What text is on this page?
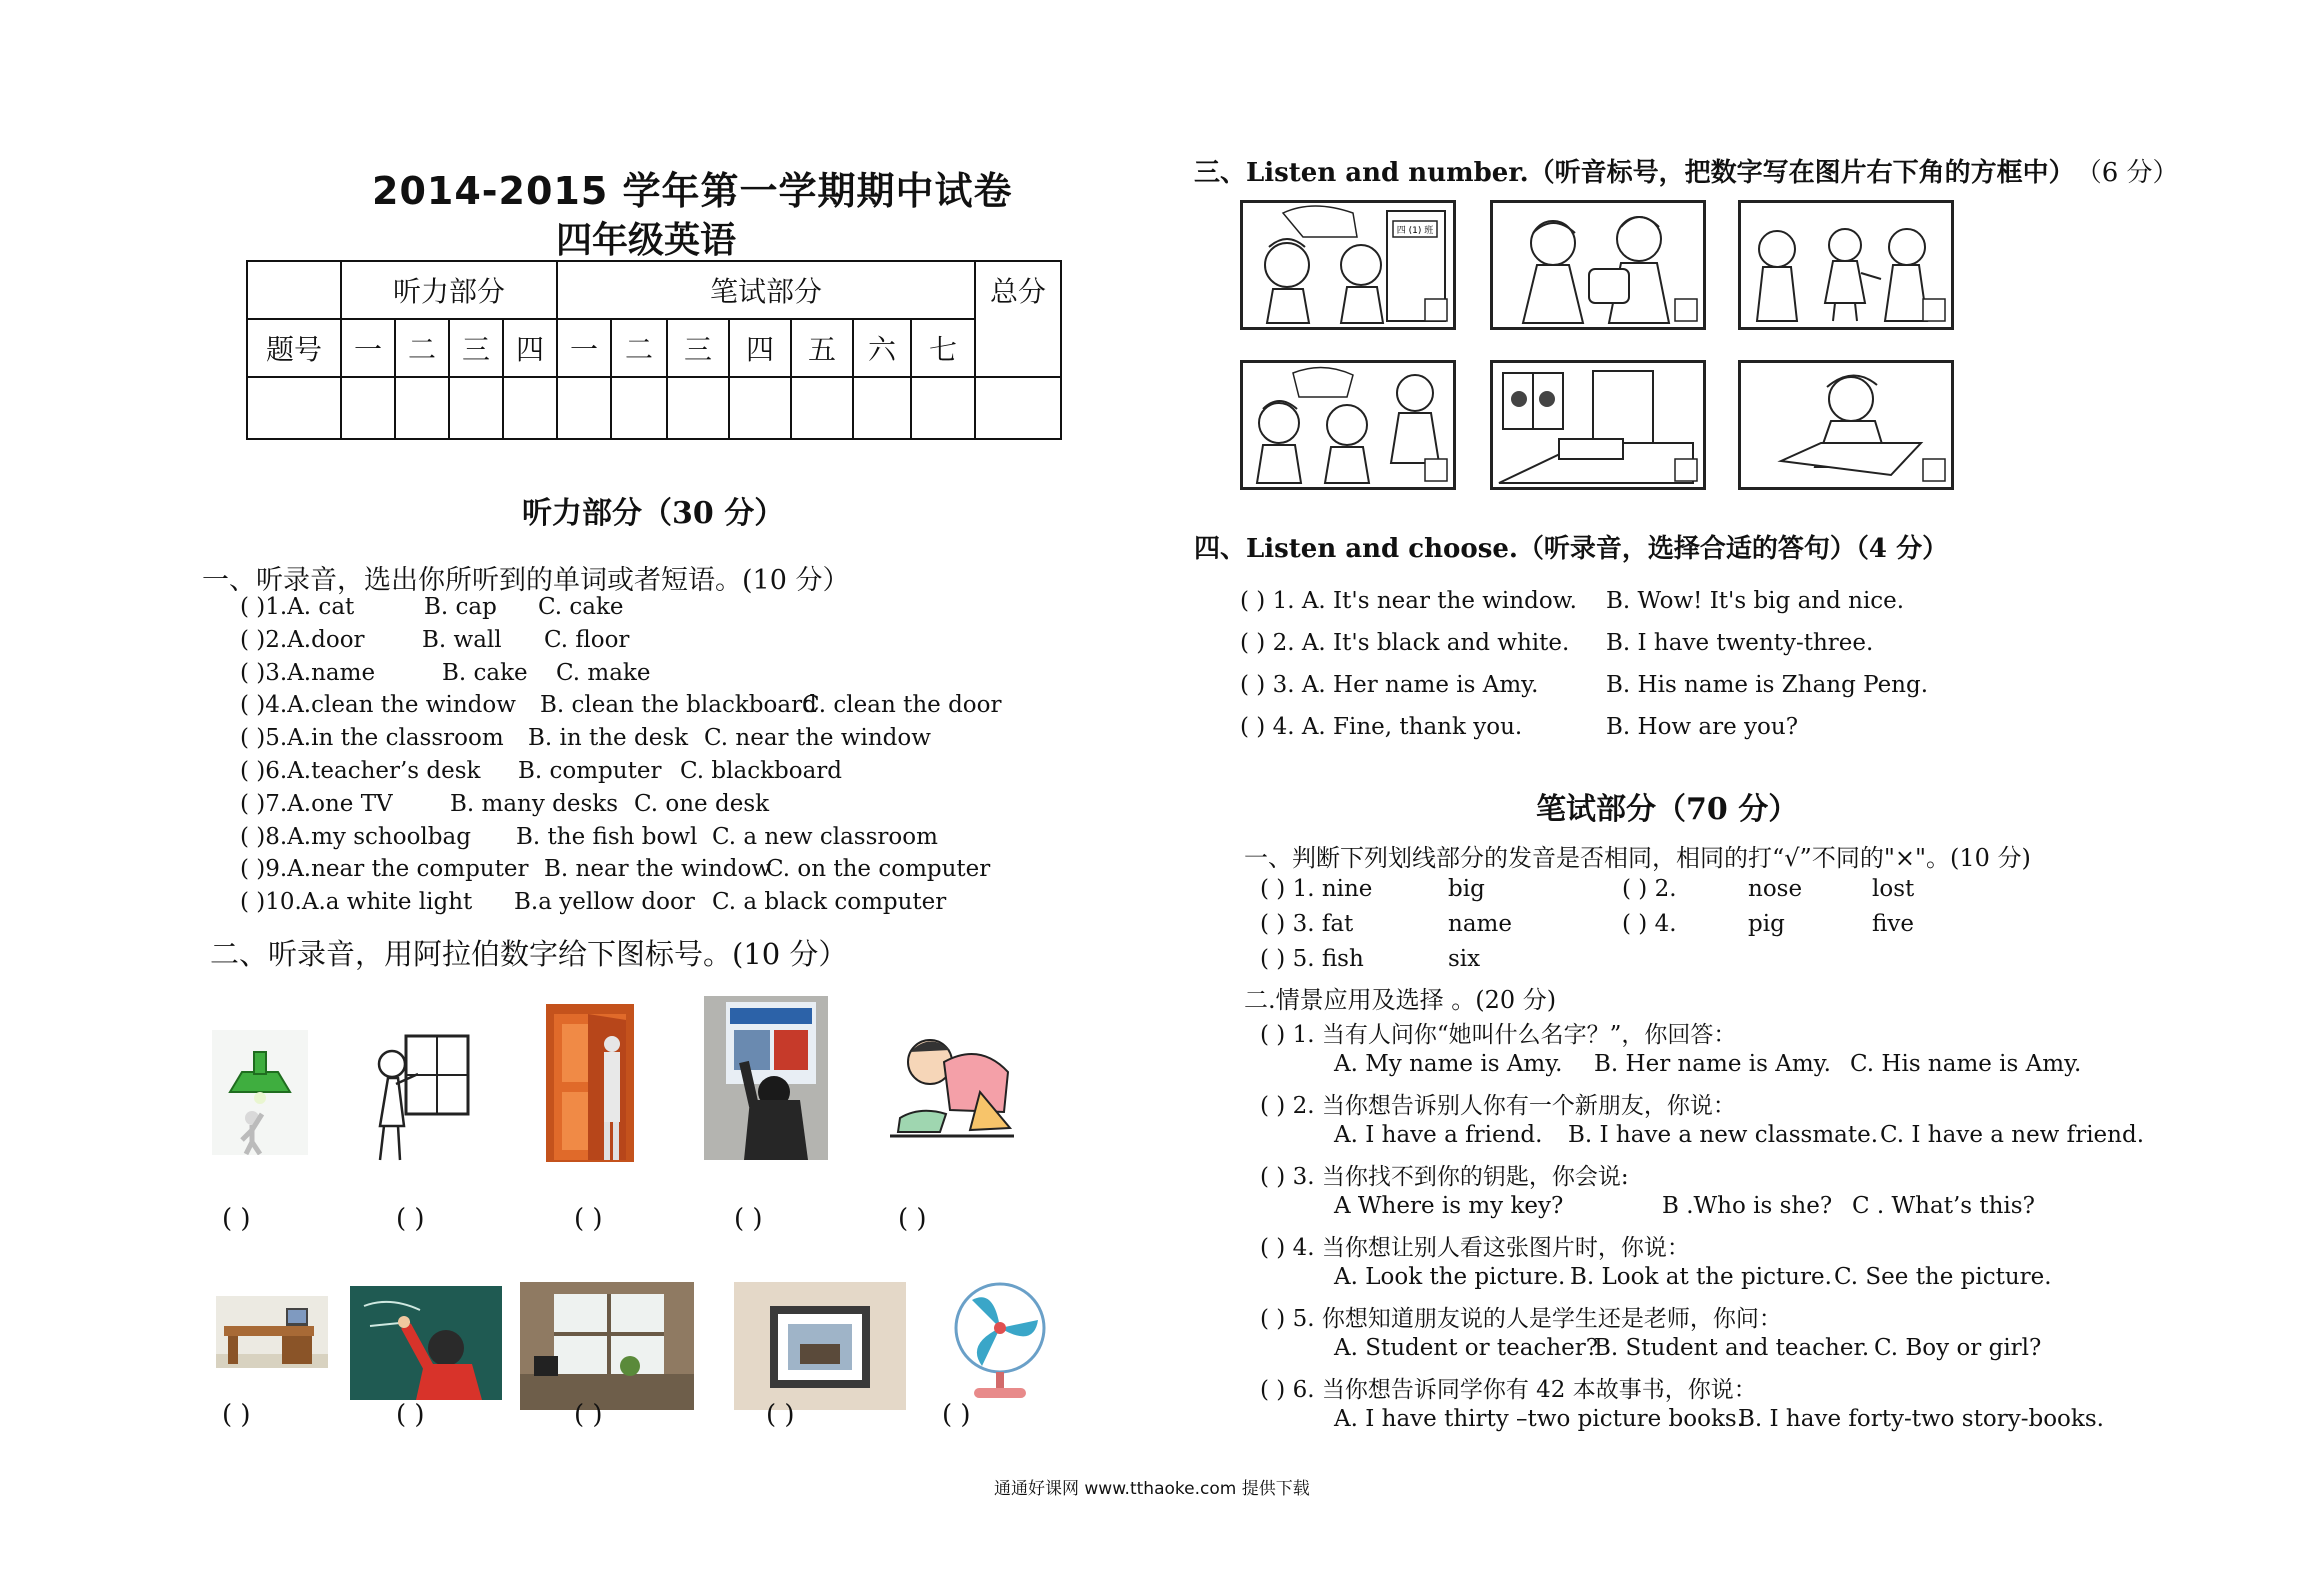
2014-2015 学年第一学期期中试卷
四年级英语
	听力部分				笔试部分							总分
题号	一	二	三	四	一	二	三	四	五	六	七	

听力部分（30 分）
一、听录音，选出你所听到的单词或者短语。(10 分）
( )1.A. cat	B. cap C. cake
( )2.A.door B. wall C. floor
( )3.A.name	B. cake C. make
( )4.A.clean the window B. clean the blackboard
C. clean the door
( )5.A.in the classroom B. in the desk C. near the window
( )6.A.teacher’s desk B. computer C. blackboard
( )7.A.one TV B. many desks C. one desk
( )8.A.my schoolbag B. the fish bowl C. a new classroom
( )9.A.near the computer B. near the window
C. on the computer
( )10.A.a white light B.a yellow door C. a black computer
二、听录音，用阿拉伯数字给下图标号。(10 分）
( )	( )	( )	( )	( )
( )	( )	( )	( )	( )
三、Listen and number.（听音标号，把数字写在图片右下角的方框中） （6 分）
四 (1) 班
四、Listen and choose.（听录音，选择合适的答句）（4 分）
( ) 1. A. It's near the window. B. Wow! It's big and nice.
( ) 2. A. It's black and white. B. I have twenty-three.
( ) 3. A. Her name is Amy.	B. His name is Zhang Peng.
( ) 4. A. Fine, thank you.	B. How are you?
笔试部分（70 分）
一、判断下列划线部分的发音是否相同，相同的打“√”不同的"×"。(10 分)
( ) 1. nine	big	( ) 2.	nose	lost
( ) 3. fat	name	( ) 4.	pig	five
( ) 5. fish	six
二.情景应用及选择 。(20 分)
( ) 1. 当有人问你“她叫什么名字？”，你回答：
A. My name is Amy. B. Her name is Amy. C. His name is Amy.
( ) 2. 当你想告诉别人你有一个新朋友，你说：
A. I have a friend. B. I have a new classmate. C. I have a new friend.
( ) 3. 当你找不到你的钥匙，你会说:
A Where is my key?	B .Who is she? C . What’s this?
( ) 4. 当你想让别人看这张图片时，你说：
A. Look the picture. B. Look at the picture. C. See the picture.
( ) 5. 你想知道朋友说的人是学生还是老师，你问：
A. Student or teacher?
B. Student and teacher. C. Boy or girl?
( ) 6. 当你想告诉同学你有 42 本故事书，你说：
A. I have thirty –two picture books.
B. I have forty-two story-books.
通通好课网 www.tthaoke.com 提供下载
